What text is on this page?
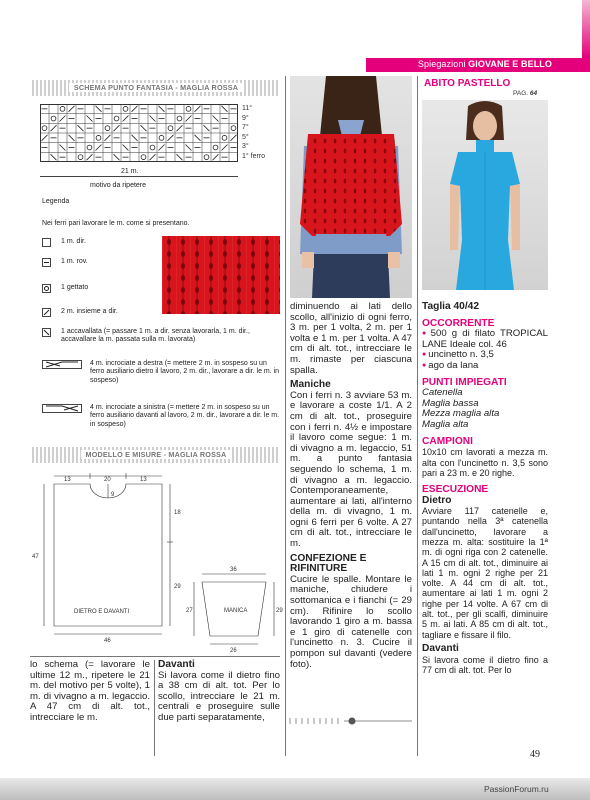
Spiegazioni GIOVANE E BELLO
SCHEMA PUNTO FANTASIA - MAGLIA ROSSA
11°
9°
7°
5°
3°
1° ferro
21 m.
motivo da ripetere
Legenda
Nei ferri pari lavorare le m. come si presentano.
1 m. dir.
1 m. rov.
1 gettato
2 m. insieme a dir.
1 accavallata (= passare 1 m. a dir. senza lavorarla, 1 m. dir., accavallare la m. passata sulla m. lavorata)
4 m. incrociate a destra (= mettere 2 m. in sospeso su un ferro ausiliario dietro il lavoro, 2 m. dir., lavorare a dir. le m. in sospeso)
4 m. incrociate a sinistra (= mettere 2 m. in sospeso su un ferro ausiliario davanti al lavoro, 2 m. dir., lavorare a dir. le m. in sospeso)
MODELLO E MISURE - MAGLIA ROSSA
13	20	13
9
18
29
47
46
DIETRO E DAVANTI
36
27	29
26
MANICA

lo schema (= lavorare le ultime 12 m., ripetere le 21 m. del motivo per 5 volte), 1 m. di vivagno a m. legaccio. A 47 cm di alt. tot., intrecciare le m.

Davanti

Si lavora come il dietro fino a 38 cm di alt. tot. Per lo scollo, intrecciare le 21 m. centrali e proseguire sulle due parti separatamente,

diminuendo ai lati dello scollo, all'inizio di ogni ferro, 3 m. per 1 volta, 2 m. per 1 volta e 1 m. per 1 volta. A 47 cm di alt. tot., intrecciare le m. rimaste per ciascuna spalla.

Maniche

Con i ferri n. 3 avviare 53 m. e lavorare a coste 1/1. A 2 cm di alt. tot., proseguire con i ferri n. 4½ e impostare il lavoro come segue: 1 m. di vivagno a m. legaccio, 51 m. a punto fantasia seguendo lo schema, 1 m. di vivagno a m. legaccio. Contemporaneamente, aumentare ai lati, all'interno della m. di vivagno, 1 m. ogni 6 ferri per 6 volte. A 27 cm di alt. tot., intrecciare le m.

CONFEZIONE E RIFINITURE

Cucire le spalle. Montare le maniche, chiudere i sottomanica e i fianchi (= 29 cm). Rifinire lo scollo lavorando 1 giro a m. bassa e 1 giro di catenelle con l'uncinetto n. 3. Cucire il pompon sul davanti (vedere foto).

ABITO PASTELLO
PAG. 64
Taglia 40/42
OCCORRENTE

● 500 g di filato TROPICAL LANE Ideale col. 46

● uncinetto n. 3,5

● ago da lana

PUNTI IMPIEGATI

Catenella

Maglia bassa

Mezza maglia alta

Maglia alta

CAMPIONI

10x10 cm lavorati a mezza m. alta con l'uncinetto n. 3,5 sono pari a 23 m. e 20 righe.

ESECUZIONE
Dietro

Avviare 117 catenelle e, puntando nella 3ª catenella dall'uncinetto, lavorare a mezza m. alta: sostituire la 1ª m. di ogni riga con 2 catenelle. A 15 cm di alt. tot., diminuire ai lati 1 m. ogni 2 righe per 21 volte. A 44 cm di alt. tot., aumentare ai lati 1 m. ogni 2 righe per 14 volte. A 67 cm di alt. tot., per gli scalfi, diminuire 5 m. ai lati. A 85 cm di alt. tot., tagliare e fissare il filo.

Davanti

Si lavora come il dietro fino a 77 cm di alt. tot. Per lo

49
PassionForum.ru
